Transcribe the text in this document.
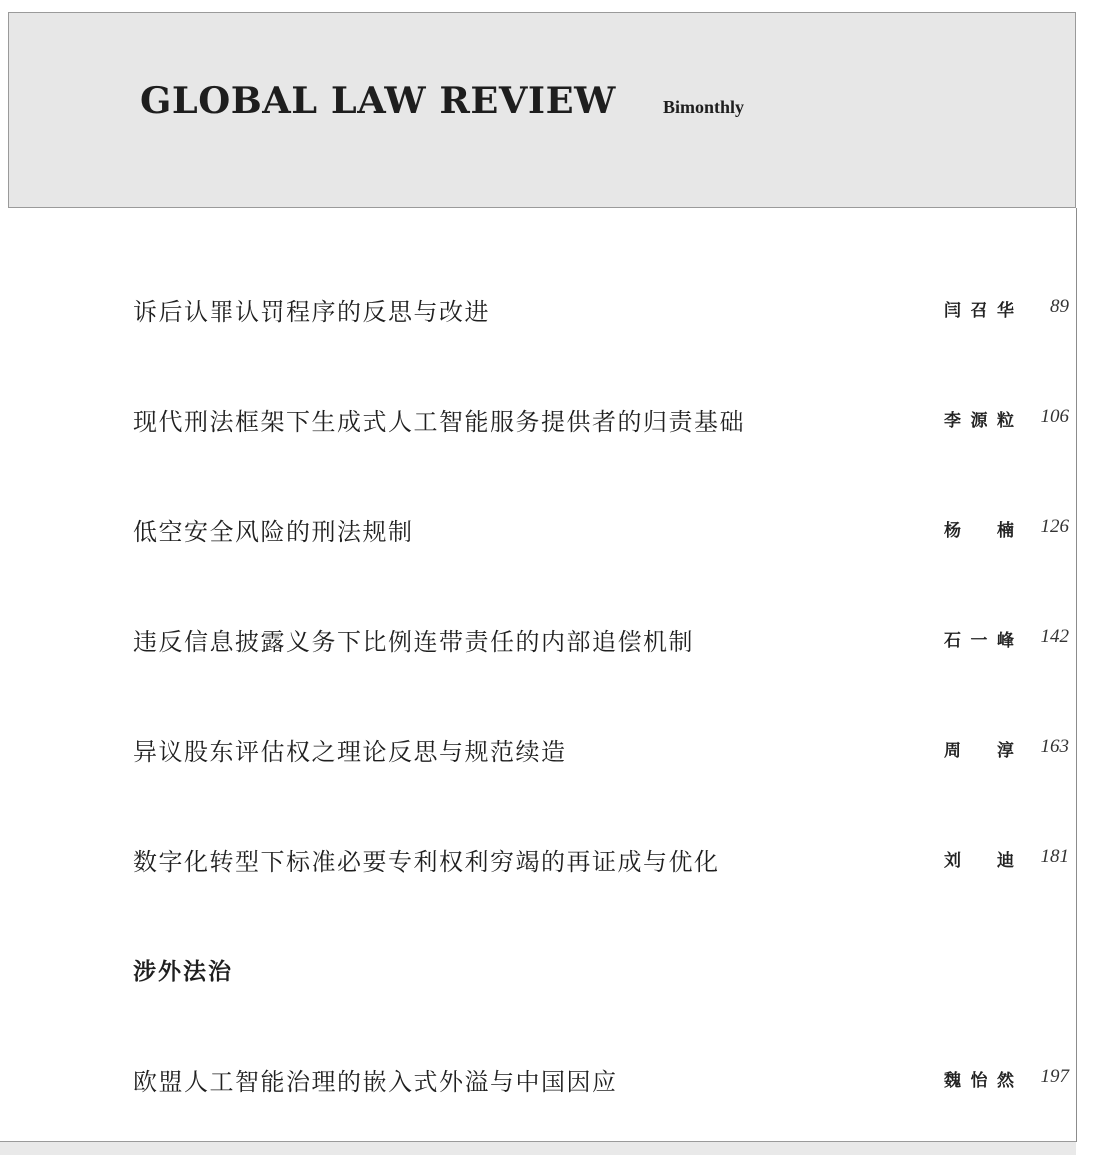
GLOBAL LAW REVIEW	Bimonthly
诉后认罪认罚程序的反思与改进	闫召华 89
现代刑法框架下生成式人工智能服务提供者的归责基础	李源粒 106
低空安全风险的刑法规制	杨 楠 126
违反信息披露义务下比例连带责任的内部追偿机制	石一峰 142
异议股东评估权之理论反思与规范续造	周 淳 163
数字化转型下标准必要专利权利穷竭的再证成与优化	刘 迪 181
涉外法治
欧盟人工智能治理的嵌入式外溢与中国因应	魏怡然 197
